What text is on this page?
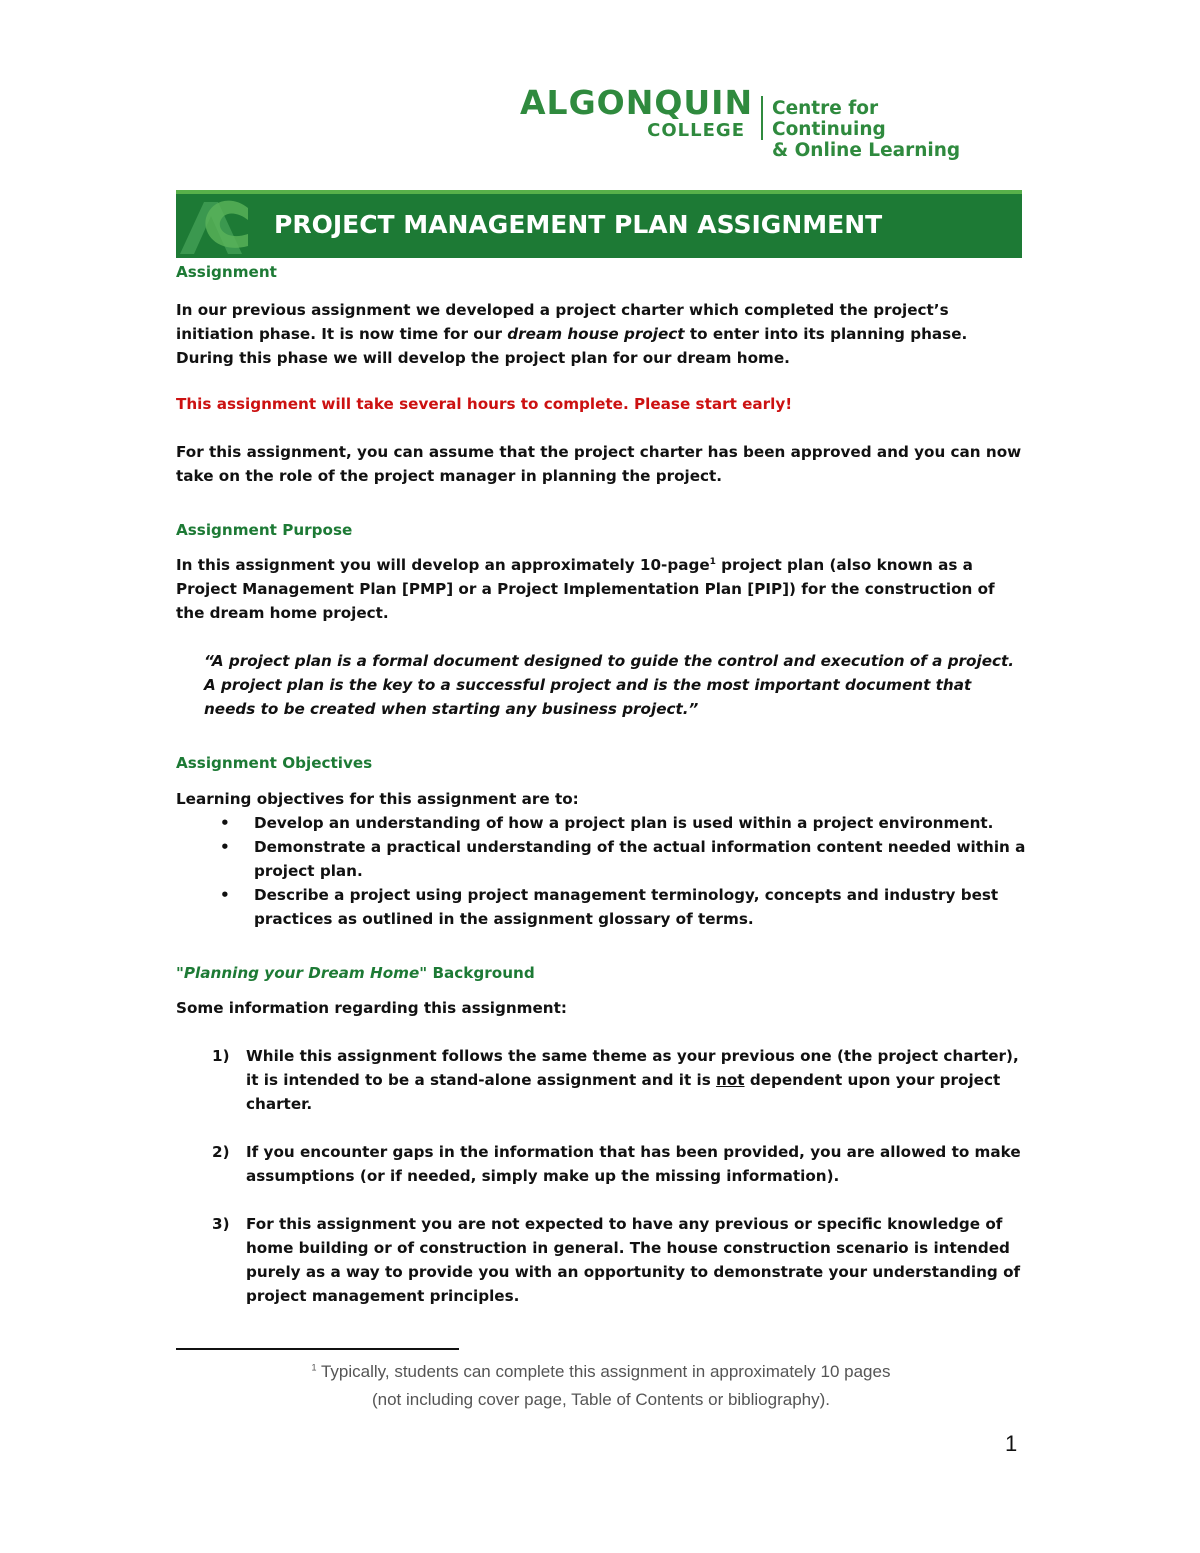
ALGONQUIN
COLLEGE
Centre for Continuing
& Online Learning
PROJECT MANAGEMENT PLAN ASSIGNMENT
Assignment

In our previous assignment we developed a project charter which completed the project’s initiation phase. It is now time for our dream house project to enter into its planning phase. During this phase we will develop the project plan for our dream home.

This assignment will take several hours to complete. Please start early!

For this assignment, you can assume that the project charter has been approved and you can now take on the role of the project manager in planning the project.

Assignment Purpose

In this assignment you will develop an approximately 10-page$^1$ project plan (also known as a Project Management Plan [PMP] or a Project Implementation Plan [PIP]) for the construction of the dream home project.

“A project plan is a formal document designed to guide the control and execution of a project. A project plan is the key to a successful project and is the most important document that needs to be created when starting any business project.”

Assignment Objectives

Learning objectives for this assignment are to:

• Develop an understanding of how a project plan is used within a project environment.
• Demonstrate a practical understanding of the actual information content needed within a project plan.
• Describe a project using project management terminology, concepts and industry best practices as outlined in the assignment glossary of terms.
"Planning your Dream Home" Background

Some information regarding this assignment:

1) While this assignment follows the same theme as your previous one (the project charter), it is intended to be a stand-alone assignment and it is not dependent upon your project charter.
2) If you encounter gaps in the information that has been provided, you are allowed to make assumptions (or if needed, simply make up the missing information).
3) For this assignment you are not expected to have any previous or specific knowledge of home building or of construction in general. The house construction scenario is intended purely as a way to provide you with an opportunity to demonstrate your understanding of project management principles.
$^1$ Typically, students can complete this assignment in approximately 10 pages
(not including cover page, Table of Contents or bibliography).
1
